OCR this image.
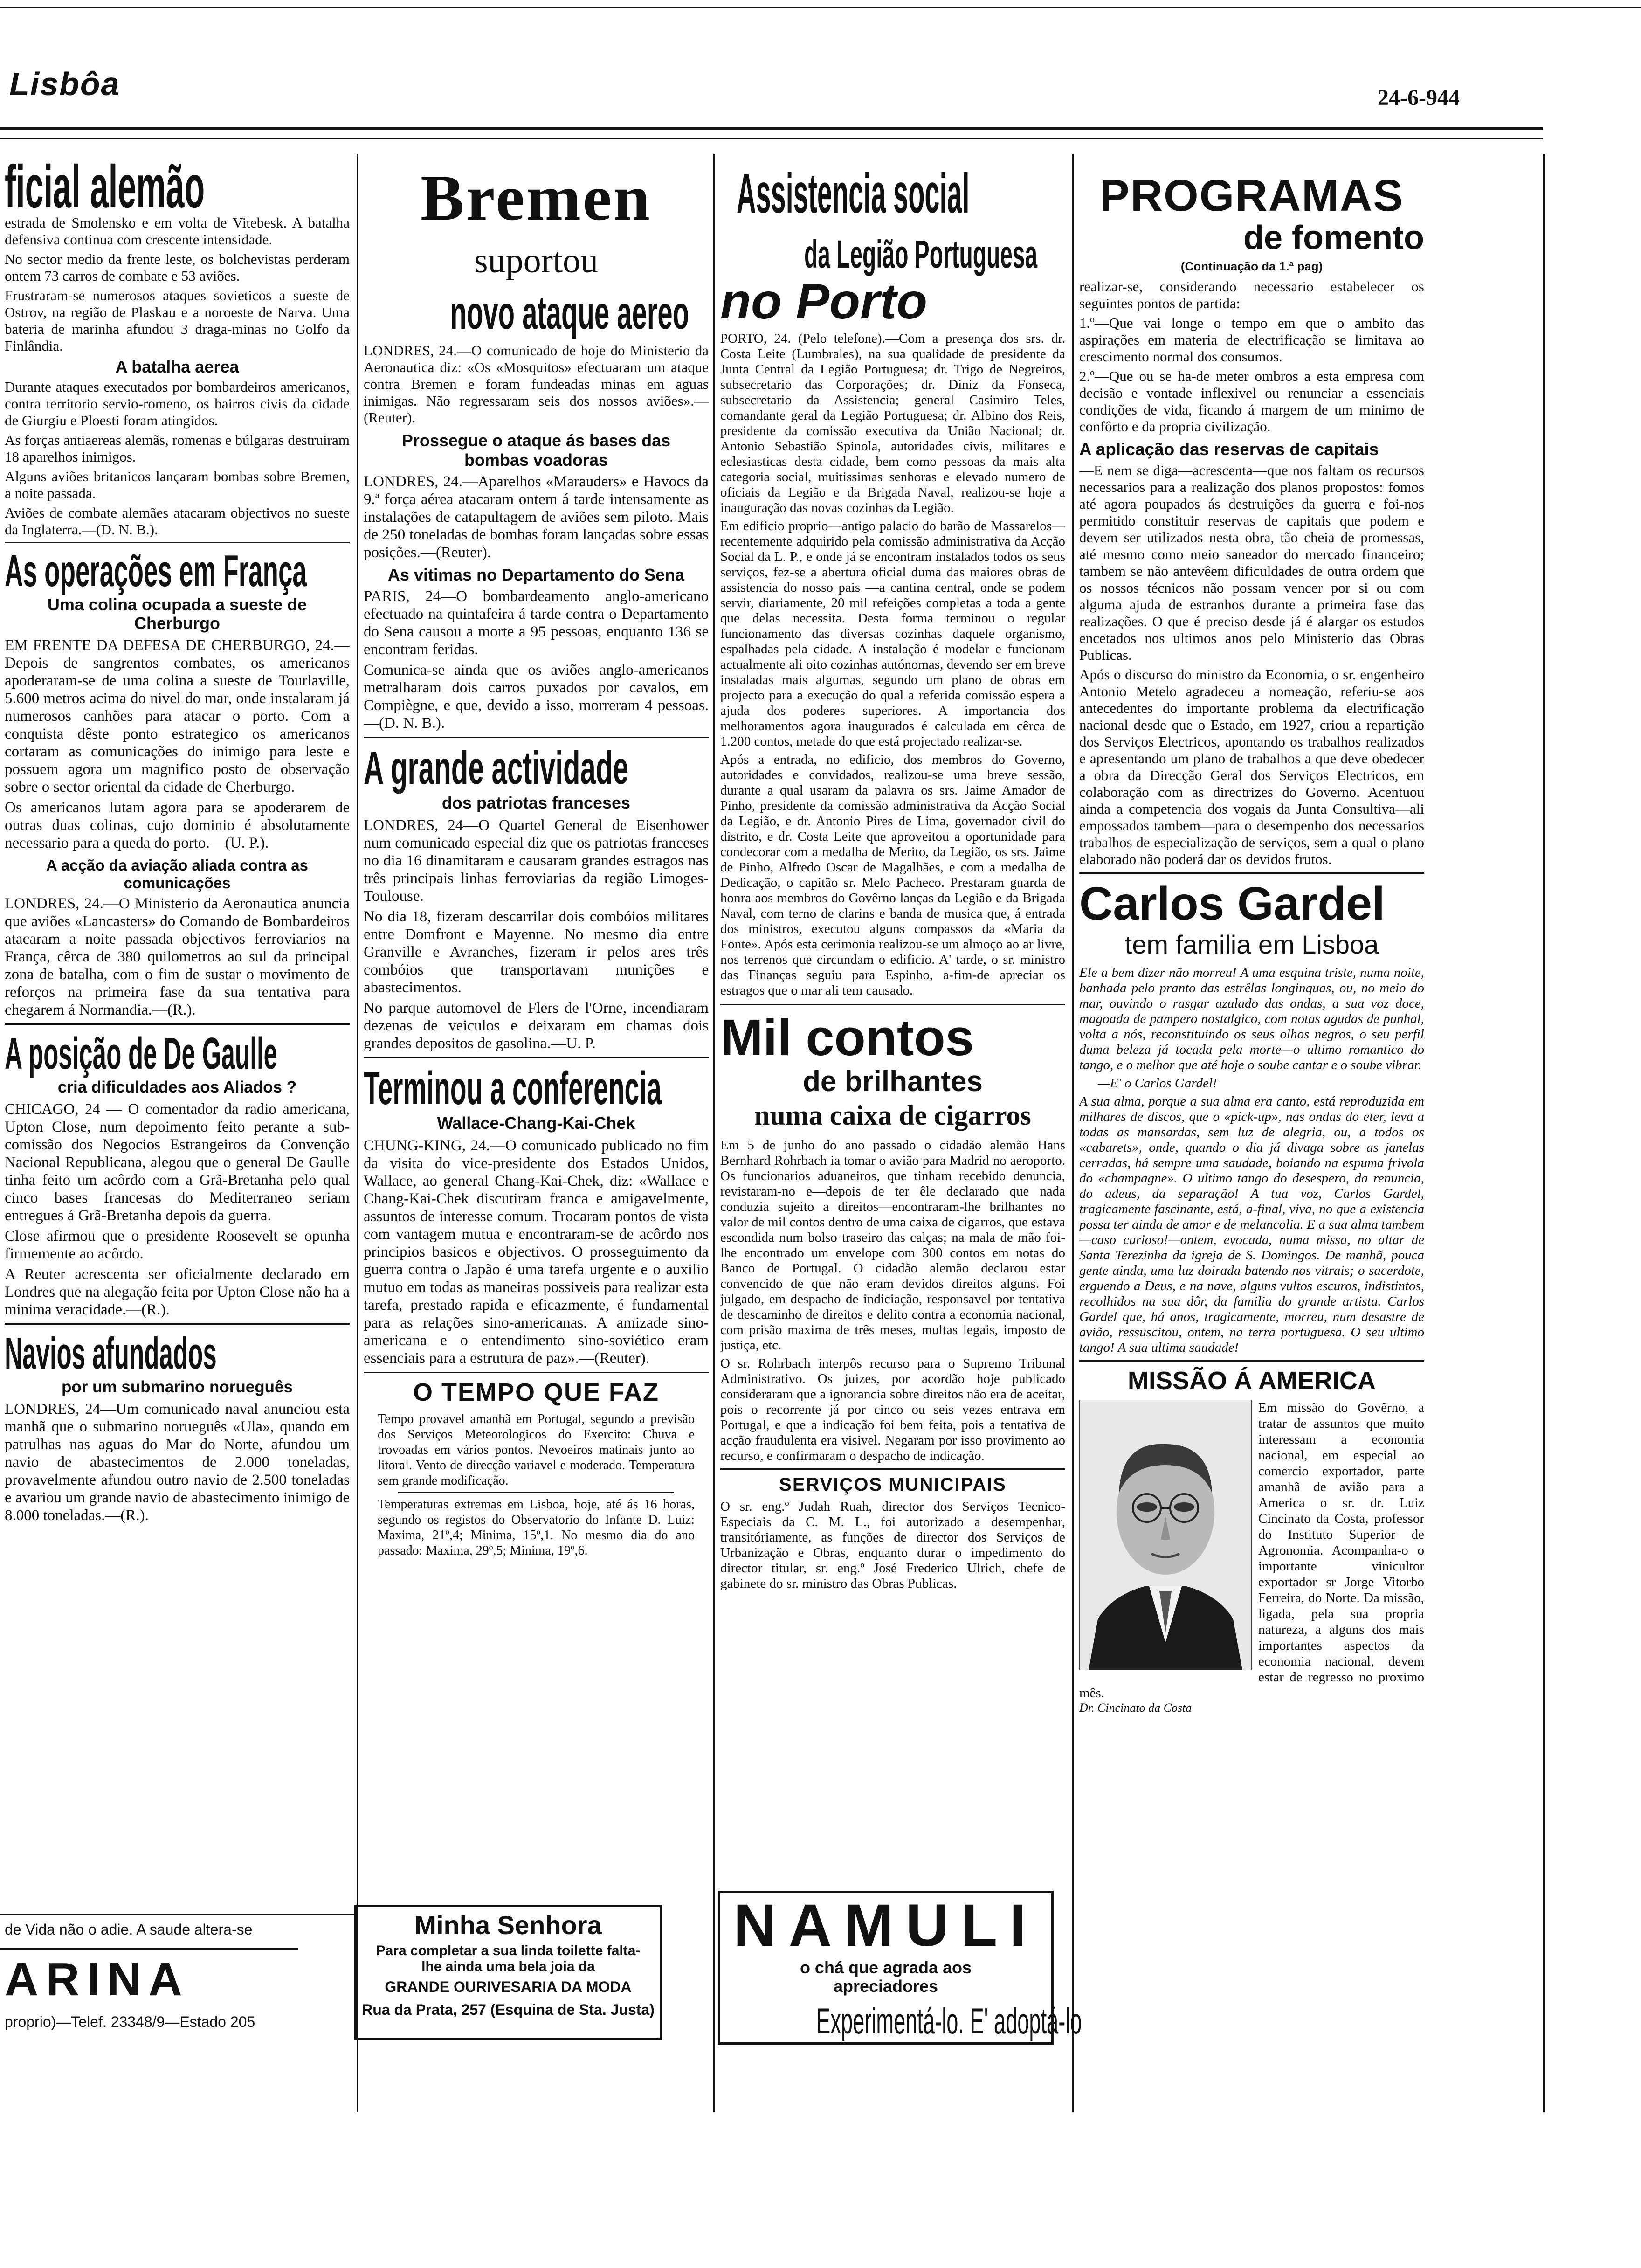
Lisbôa	24-6-944
ficial alemão

estrada de Smolensko e em volta de Vitebesk. A batalha defensiva continua com crescente intensidade.

No sector medio da frente leste, os bolchevistas perderam ontem 73 carros de combate e 53 aviões.

Frustraram-se numerosos ataques sovieticos a sueste de Ostrov, na região de Plaskau e a noroeste de Narva. Uma bateria de marinha afundou 3 draga-minas no Golfo da Finlândia.

A batalha aerea

Durante ataques executados por bombardeiros americanos, contra territorio servio-romeno, os bairros civis da cidade de Giurgiu e Ploesti foram atingidos.

As forças antiaereas alemãs, romenas e búlgaras destruiram 18 aparelhos inimigos.

Alguns aviões britanicos lançaram bombas sobre Bremen, a noite passada.

Aviões de combate alemães atacaram objectivos no sueste da Inglaterra.—(D. N. B.).

As operações em França
Uma colina ocupada a sueste de Cherburgo

EM FRENTE DA DEFESA DE CHERBURGO, 24.—Depois de sangrentos combates, os americanos apoderaram-se de uma colina a sueste de Tourlaville, 5.600 metros acima do nivel do mar, onde instalaram já numerosos canhões para atacar o porto. Com a conquista dêste ponto estrategico os americanos cortaram as comunicações do inimigo para leste e possuem agora um magnifico posto de observação sobre o sector oriental da cidade de Cherburgo.

Os americanos lutam agora para se apoderarem de outras duas colinas, cujo dominio é absolutamente necessario para a queda do porto.—(U. P.).

A acção da aviação aliada contra as comunicações

LONDRES, 24.—O Ministerio da Aeronautica anuncia que aviões «Lancasters» do Comando de Bombardeiros atacaram a noite passada objectivos ferroviarios na França, cêrca de 380 quilometros ao sul da principal zona de batalha, com o fim de sustar o movimento de reforços na primeira fase da sua tentativa para chegarem á Normandia.—(R.).

A posição de De Gaulle
cria dificuldades aos Aliados ?

CHICAGO, 24 — O comentador da radio americana, Upton Close, num depoimento feito perante a sub-comissão dos Negocios Estrangeiros da Convenção Nacional Republicana, alegou que o general De Gaulle tinha feito um acôrdo com a Grã-Bretanha pelo qual cinco bases francesas do Mediterraneo seriam entregues á Grã-Bretanha depois da guerra.

Close afirmou que o presidente Roosevelt se opunha firmemente ao acôrdo.

A Reuter acrescenta ser oficialmente declarado em Londres que na alegação feita por Upton Close não ha a minima veracidade.—(R.).

Navios afundados
por um submarino norueguês

LONDRES, 24—Um comunicado naval anunciou esta manhã que o submarino norueguês «Ula», quando em patrulhas nas aguas do Mar do Norte, afundou um navio de abastecimentos de 2.000 toneladas, provavelmente afundou outro navio de 2.500 toneladas e avariou um grande navio de abastecimento inimigo de 8.000 toneladas.—(R.).

de Vida não o adie. A saude altera-se
ARINA
proprio)—Telef. 23348/9—Estado 205
Bremen
suportou
novo ataque aereo

LONDRES, 24.—O comunicado de hoje do Ministerio da Aeronautica diz: «Os «Mosquitos» efectuaram um ataque contra Bremen e foram fundeadas minas em aguas inimigas. Não regressaram seis dos nossos aviões».—(Reuter).

Prossegue o ataque ás bases das bombas voadoras

LONDRES, 24.—Aparelhos «Marauders» e Havocs da 9.ª força aérea atacaram ontem á tarde intensamente as instalações de catapultagem de aviões sem piloto. Mais de 250 toneladas de bombas foram lançadas sobre essas posições.—(Reuter).

As vitimas no Departamento do Sena

PARIS, 24—O bombardeamento anglo-americano efectuado na quintafeira á tarde contra o Departamento do Sena causou a morte a 95 pessoas, enquanto 136 se encontram feridas.

Comunica-se ainda que os aviões anglo-americanos metralharam dois carros puxados por cavalos, em Compiègne, e que, devido a isso, morreram 4 pessoas.—(D. N. B.).

A grande actividade
dos patriotas franceses

LONDRES, 24—O Quartel General de Eisenhower num comunicado especial diz que os patriotas franceses no dia 16 dinamitaram e causaram grandes estragos nas três principais linhas ferroviarias da região Limoges-Toulouse.

No dia 18, fizeram descarrilar dois combóios militares entre Domfront e Mayenne. No mesmo dia entre Granville e Avranches, fizeram ir pelos ares três combóios que transportavam munições e abastecimentos.

No parque automovel de Flers de l'Orne, incendiaram dezenas de veiculos e deixaram em chamas dois grandes depositos de gasolina.—U. P.

Terminou a conferencia
Wallace-Chang-Kai-Chek

CHUNG-KING, 24.—O comunicado publicado no fim da visita do vice-presidente dos Estados Unidos, Wallace, ao general Chang-Kai-Chek, diz: «Wallace e Chang-Kai-Chek discutiram franca e amigavelmente, assuntos de interesse comum. Trocaram pontos de vista com vantagem mutua e encontraram-se de acôrdo nos principios basicos e objectivos. O prosseguimento da guerra contra o Japão é uma tarefa urgente e o auxilio mutuo em todas as maneiras possiveis para realizar esta tarefa, prestado rapida e eficazmente, é fundamental para as relações sino-americanas. A amizade sino-americana e o entendimento sino-soviético eram essenciais para a estrutura de paz».—(Reuter).

O TEMPO QUE FAZ

Tempo provavel amanhã em Portugal, segundo a previsão dos Serviços Meteorologicos do Exercito: Chuva e trovoadas em vários pontos. Nevoeiros matinais junto ao litoral. Vento de direcção variavel e moderado. Temperatura sem grande modificação.

Temperaturas extremas em Lisboa, hoje, até ás 16 horas, segundo os registos do Observatorio do Infante D. Luiz: Maxima, 21º,4; Minima, 15º,1. No mesmo dia do ano passado: Maxima, 29º,5; Minima, 19º,6.

Minha Senhora
Para completar a sua linda toilette falta-lhe ainda uma bela joia da
GRANDE OURIVESARIA DA MODA
Rua da Prata, 257 (Esquina de Sta. Justa)
Assistencia social
da Legião Portuguesa
no Porto

PORTO, 24. (Pelo telefone).—Com a presença dos srs. dr. Costa Leite (Lumbrales), na sua qualidade de presidente da Junta Central da Legião Portuguesa; dr. Trigo de Negreiros, subsecretario das Corporações; dr. Diniz da Fonseca, subsecretario da Assistencia; general Casimiro Teles, comandante geral da Legião Portuguesa; dr. Albino dos Reis, presidente da comissão executiva da União Nacional; dr. Antonio Sebastião Spinola, autoridades civis, militares e eclesiasticas desta cidade, bem como pessoas da mais alta categoria social, muitissimas senhoras e elevado numero de oficiais da Legião e da Brigada Naval, realizou-se hoje a inauguração das novas cozinhas da Legião.

Em edificio proprio—antigo palacio do barão de Massarelos—recentemente adquirido pela comissão administrativa da Acção Social da L. P., e onde já se encontram instalados todos os seus serviços, fez-se a abertura oficial duma das maiores obras de assistencia do nosso pais —a cantina central, onde se podem servir, diariamente, 20 mil refeições completas a toda a gente que delas necessita. Desta forma terminou o regular funcionamento das diversas cozinhas daquele organismo, espalhadas pela cidade. A instalação é modelar e funcionam actualmente ali oito cozinhas autónomas, devendo ser em breve instaladas mais algumas, segundo um plano de obras em projecto para a execução do qual a referida comissão espera a ajuda dos poderes superiores. A importancia dos melhoramentos agora inaugurados é calculada em cêrca de 1.200 contos, metade do que está projectado realizar-se.

Após a entrada, no edificio, dos membros do Governo, autoridades e convidados, realizou-se uma breve sessão, durante a qual usaram da palavra os srs. Jaime Amador de Pinho, presidente da comissão administrativa da Acção Social da Legião, e dr. Antonio Pires de Lima, governador civil do distrito, e dr. Costa Leite que aproveitou a oportunidade para condecorar com a medalha de Merito, da Legião, os srs. Jaime de Pinho, Alfredo Oscar de Magalhães, e com a medalha de Dedicação, o capitão sr. Melo Pacheco. Prestaram guarda de honra aos membros do Govêrno lanças da Legião e da Brigada Naval, com terno de clarins e banda de musica que, á entrada dos ministros, executou alguns compassos da «Maria da Fonte». Após esta cerimonia realizou-se um almoço ao ar livre, nos terrenos que circundam o edificio. A' tarde, o sr. ministro das Finanças seguiu para Espinho, a-fim-de apreciar os estragos que o mar ali tem causado.

Mil contos
de brilhantes
numa caixa de cigarros

Em 5 de junho do ano passado o cidadão alemão Hans Bernhard Rohrbach ia tomar o avião para Madrid no aeroporto. Os funcionarios aduaneiros, que tinham recebido denuncia, revistaram-no e—depois de ter êle declarado que nada conduzia sujeito a direitos—encontraram-lhe brilhantes no valor de mil contos dentro de uma caixa de cigarros, que estava escondida num bolso traseiro das calças; na mala de mão foi-lhe encontrado um envelope com 300 contos em notas do Banco de Portugal. O cidadão alemão declarou estar convencido de que não eram devidos direitos alguns. Foi julgado, em despacho de indiciação, responsavel por tentativa de descaminho de direitos e delito contra a economia nacional, com prisão maxima de três meses, multas legais, imposto de justiça, etc.

O sr. Rohrbach interpôs recurso para o Supremo Tribunal Administrativo. Os juizes, por acordão hoje publicado consideraram que a ignorancia sobre direitos não era de aceitar, pois o recorrente já por cinco ou seis vezes entrava em Portugal, e que a indicação foi bem feita, pois a tentativa de acção fraudulenta era visivel. Negaram por isso provimento ao recurso, e confirmaram o despacho de indicação.

SERVIÇOS MUNICIPAIS

O sr. eng.º Judah Ruah, director dos Serviços Tecnico-Especiais da C. M. L., foi autorizado a desempenhar, transitóriamente, as funções de director dos Serviços de Urbanização e Obras, enquanto durar o impedimento do director titular, sr. eng.º José Frederico Ulrich, chefe de gabinete do sr. ministro das Obras Publicas.

NAMULI
o chá que agrada aos apreciadores
Experimentá-lo. E' adoptá-lo
PROGRAMAS
de fomento
(Continuação da 1.ª pag)

realizar-se, considerando necessario estabelecer os seguintes pontos de partida:

1.º—Que vai longe o tempo em que o ambito das aspirações em materia de electrificação se limitava ao crescimento normal dos consumos.

2.º—Que ou se ha-de meter ombros a esta empresa com decisão e vontade inflexivel ou renunciar a essenciais condições de vida, ficando á margem de um minimo de confôrto e da propria civilização.

A aplicação das reservas de capitais

—E nem se diga—acrescenta—que nos faltam os recursos necessarios para a realização dos planos propostos: fomos até agora poupados ás destruições da guerra e foi-nos permitido constituir reservas de capitais que podem e devem ser utilizados nesta obra, tão cheia de promessas, até mesmo como meio saneador do mercado financeiro; tambem se não antevêem dificuldades de outra ordem que os nossos técnicos não possam vencer por si ou com alguma ajuda de estranhos durante a primeira fase das realizações. O que é preciso desde já é alargar os estudos encetados nos ultimos anos pelo Ministerio das Obras Publicas.

Após o discurso do ministro da Economia, o sr. engenheiro Antonio Metelo agradeceu a nomeação, referiu-se aos antecedentes do importante problema da electrificação nacional desde que o Estado, em 1927, criou a repartição dos Serviços Electricos, apontando os trabalhos realizados e apresentando um plano de trabalhos a que deve obedecer a obra da Direcção Geral dos Serviços Electricos, em colaboração com as directrizes do Governo. Acentuou ainda a competencia dos vogais da Junta Consultiva—ali empossados tambem—para o desempenho dos necessarios trabalhos de especialização de serviços, sem a qual o plano elaborado não poderá dar os devidos frutos.

Carlos Gardel
tem familia em Lisboa

Ele a bem dizer não morreu! A uma esquina triste, numa noite, banhada pelo pranto das estrêlas longinquas, ou, no meio do mar, ouvindo o rasgar azulado das ondas, a sua voz doce, magoada de pampero nostalgico, com notas agudas de punhal, volta a nós, reconstituindo os seus olhos negros, o seu perfil duma beleza já tocada pela morte—o ultimo romantico do tango, e o melhor que até hoje o soube cantar e o soube vibrar.

—E' o Carlos Gardel!

A sua alma, porque a sua alma era canto, está reproduzida em milhares de discos, que o «pick-up», nas ondas do eter, leva a todas as mansardas, sem luz de alegria, ou, a todos os «cabarets», onde, quando o dia já divaga sobre as janelas cerradas, há sempre uma saudade, boiando na espuma frivola do «champagne». O ultimo tango do desespero, da renuncia, do adeus, da separação! A tua voz, Carlos Gardel, tragicamente fascinante, está, a-final, viva, no que a existencia possa ter ainda de amor e de melancolia. E a sua alma tambem—caso curioso!—ontem, evocada, numa missa, no altar de Santa Terezinha da igreja de S. Domingos. De manhã, pouca gente ainda, uma luz doirada batendo nos vitrais; o sacerdote, erguendo a Deus, e na nave, alguns vultos escuros, indistintos, recolhidos na sua dôr, da familia do grande artista. Carlos Gardel que, há anos, tragicamente, morreu, num desastre de avião, ressuscitou, ontem, na terra portuguesa. O seu ultimo tango! A sua ultima saudade!

MISSÃO Á AMERICA

Em missão do Govêrno, a tratar de assuntos que muito interessam a economia nacional, em especial ao comercio exportador, parte amanhã de avião para a America o sr. dr. Luiz Cincinato da Costa, professor do Instituto Superior de Agronomia. Acompanha-o o importante vinicultor exportador sr Jorge Vitorbo Ferreira, do Norte. Da missão, ligada, pela sua propria natureza, a alguns dos mais importantes aspectos da economia nacional, devem estar de regresso no proximo mês.

Dr. Cincinato da Costa
